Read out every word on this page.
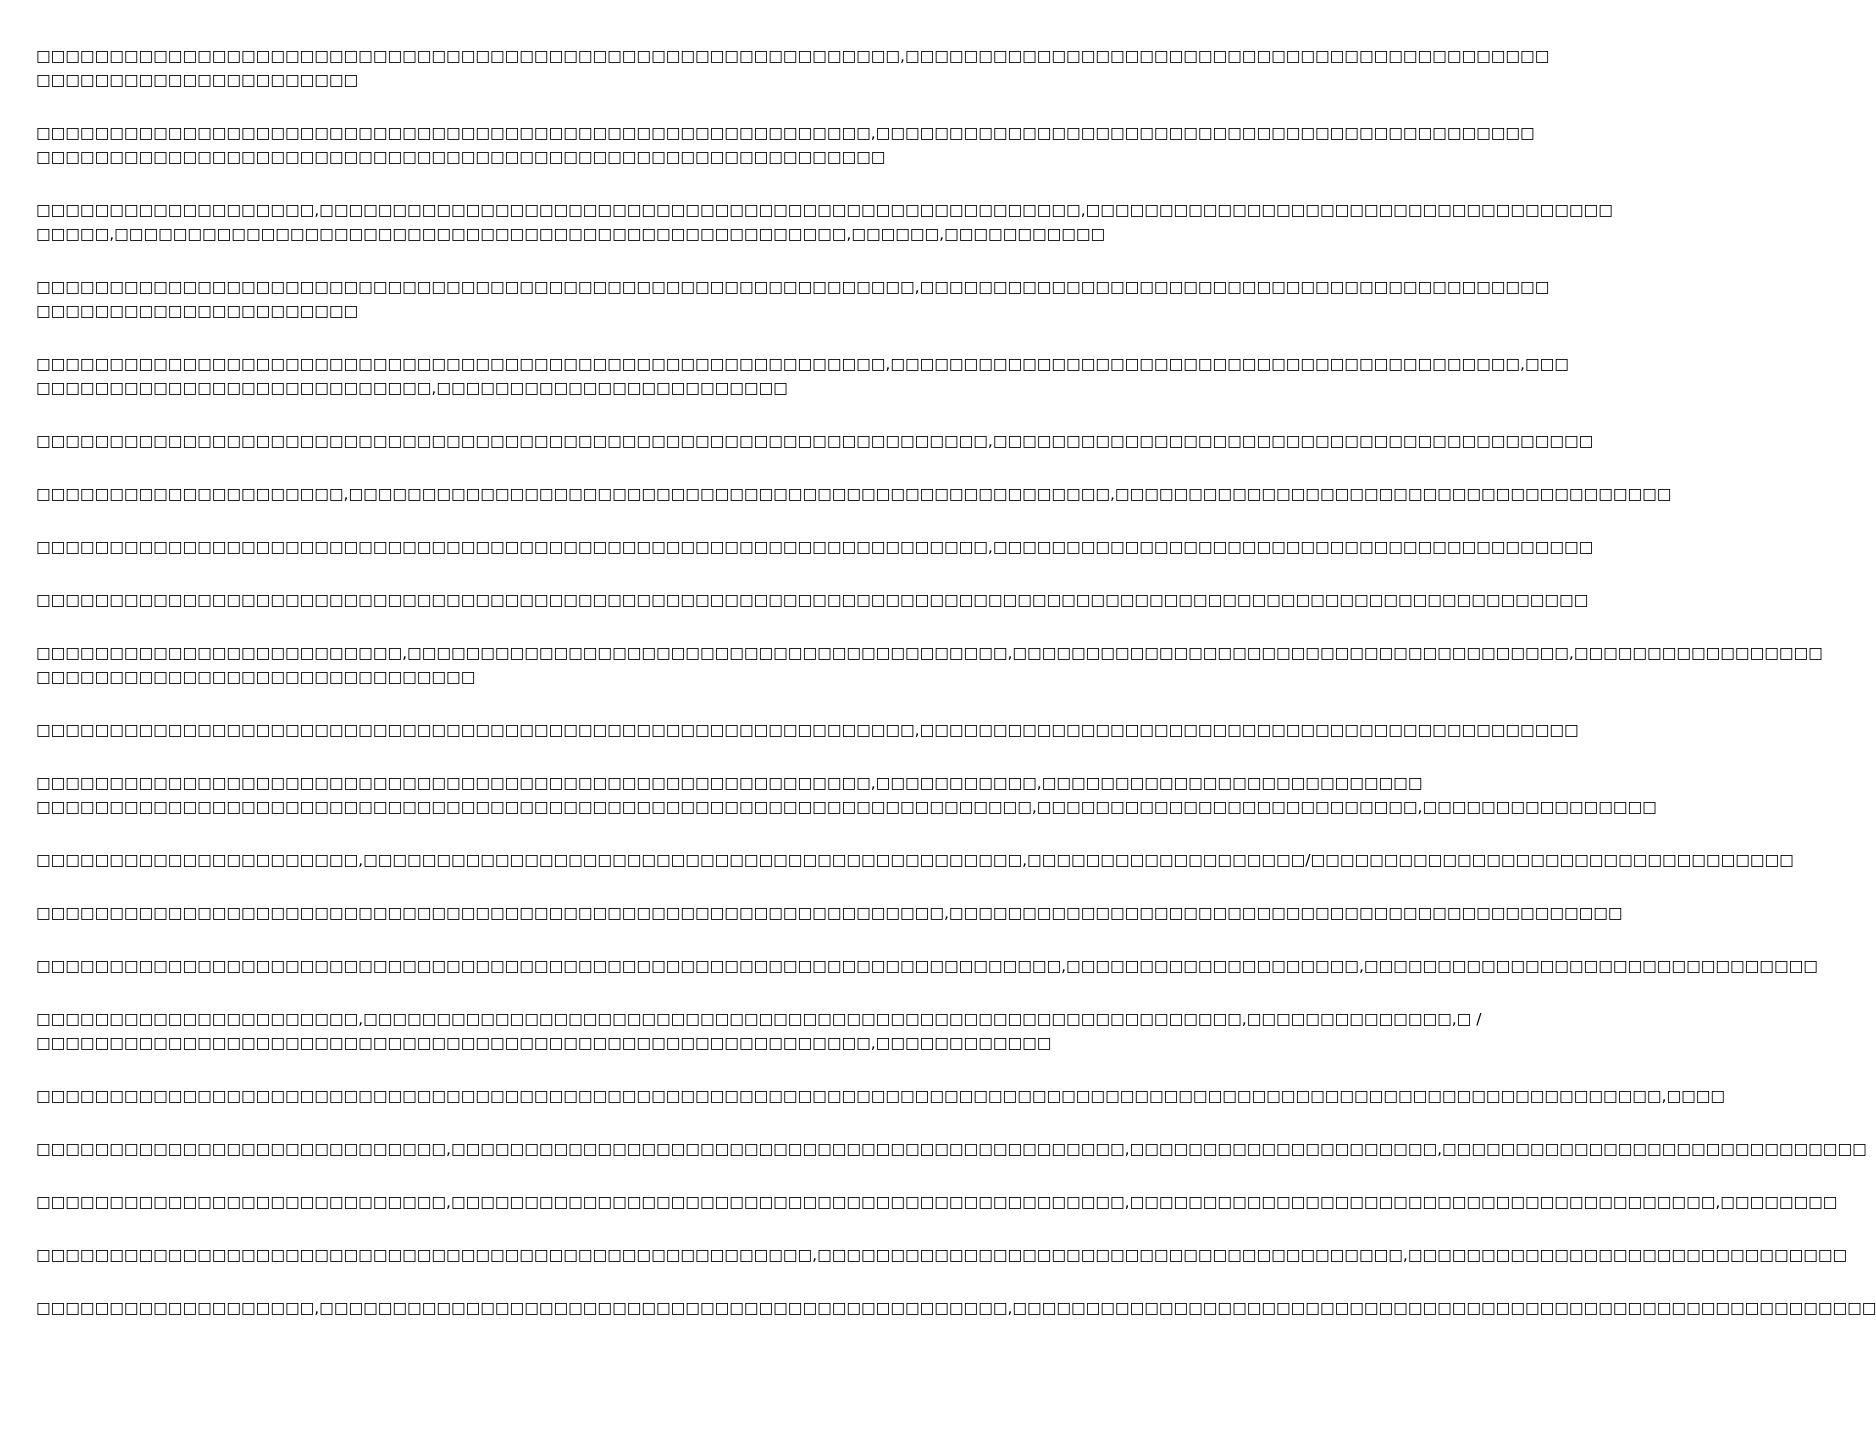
□□□□□□□□□□□□□□□□□□□□□□□□□□□□□□□□□□□□□□□□□□□□□□□□□□□□□□□□□□□,□□□□□□□□□□□□□□□□□□□□□□□□□□□□□□□□□□□□□□□□□□□□
□□□□□□□□□□□□□□□□□□□□□□
□□□□□□□□□□□□□□□□□□□□□□□□□□□□□□□□□□□□□□□□□□□□□□□□□□□□□□□□□,□□□□□□□□□□□□□□□□□□□□□□□□□□□□□□□□□□□□□□□□□□□□□
□□□□□□□□□□□□□□□□□□□□□□□□□□□□□□□□□□□□□□□□□□□□□□□□□□□□□□□□□□
□□□□□□□□□□□□□□□□□□□,□□□□□□□□□□□□□□□□□□□□□□□□□□□□□□□□□□□□□□□□□□□□□□□□□□□□,□□□□□□□□□□□□□□□□□□□□□□□□□□□□□□□□□□□□
□□□□□,□□□□□□□□□□□□□□□□□□□□□□□□□□□□□□□□□□□□□□□□□□□□□□□□□□,□□□□□□,□□□□□□□□□□□
□□□□□□□□□□□□□□□□□□□□□□□□□□□□□□□□□□□□□□□□□□□□□□□□□□□□□□□□□□□□,□□□□□□□□□□□□□□□□□□□□□□□□□□□□□□□□□□□□□□□□□□□
□□□□□□□□□□□□□□□□□□□□□□
□□□□□□□□□□□□□□□□□□□□□□□□□□□□□□□□□□□□□□□□□□□□□□□□□□□□□□□□□□,□□□□□□□□□□□□□□□□□□□□□□□□□□□□□□□□□□□□□□□□□□□,□□□
□□□□□□□□□□□□□□□□□□□□□□□□□□□,□□□□□□□□□□□□□□□□□□□□□□□□
□□□□□□□□□□□□□□□□□□□□□□□□□□□□□□□□□□□□□□□□□□□□□□□□□□□□□□□□□□□□□□□□□,□□□□□□□□□□□□□□□□□□□□□□□□□□□□□□□□□□□□□□□□□
□□□□□□□□□□□□□□□□□□□□□,□□□□□□□□□□□□□□□□□□□□□□□□□□□□□□□□□□□□□□□□□□□□□□□□□□□□,□□□□□□□□□□□□□□□□□□□□□□□□□□□□□□□□□□□□□□
□□□□□□□□□□□□□□□□□□□□□□□□□□□□□□□□□□□□□□□□□□□□□□□□□□□□□□□□□□□□□□□□□,□□□□□□□□□□□□□□□□□□□□□□□□□□□□□□□□□□□□□□□□□
□□□□□□□□□□□□□□□□□□□□□□□□□□□□□□□□□□□□□□□□□□□□□□□□□□□□□□□□□□□□□□□□□□□□□□□□□□□□□□□□□□□□□□□□□□□□□□□□□□□□□□□□□□
□□□□□□□□□□□□□□□□□□□□□□□□□,□□□□□□□□□□□□□□□□□□□□□□□□□□□□□□□□□□□□□□□□□,□□□□□□□□□□□□□□□□□□□□□□□□□□□□□□□□□□□□□□,□□□□□□□□□□□□□□□□□
□□□□□□□□□□□□□□□□□□□□□□□□□□□□□□
□□□□□□□□□□□□□□□□□□□□□□□□□□□□□□□□□□□□□□□□□□□□□□□□□□□□□□□□□□□□,□□□□□□□□□□□□□□□□□□□□□□□□□□□□□□□□□□□□□□□□□□□□□
□□□□□□□□□□□□□□□□□□□□□□□□□□□□□□□□□□□□□□□□□□□□□□□□□□□□□□□□□,□□□□□□□□□□□,□□□□□□□□□□□□□□□□□□□□□□□□□□
□□□□□□□□□□□□□□□□□□□□□□□□□□□□□□□□□□□□□□□□□□□□□□□□□□□□□□□□□□□□□□□□□□□□,□□□□□□□□□□□□□□□□□□□□□□□□□□,□□□□□□□□□□□□□□□□
□□□□□□□□□□□□□□□□□□□□□□,□□□□□□□□□□□□□□□□□□□□□□□□□□□□□□□□□□□□□□□□□□□□□,□□□□□□□□□□□□□□□□□□□/□□□□□□□□□□□□□□□□□□□□□□□□□□□□□□□□□
□□□□□□□□□□□□□□□□□□□□□□□□□□□□□□□□□□□□□□□□□□□□□□□□□□□□□□□□□□□□□□,□□□□□□□□□□□□□□□□□□□□□□□□□□□□□□□□□□□□□□□□□□□□□□
□□□□□□□□□□□□□□□□□□□□□□□□□□□□□□□□□□□□□□□□□□□□□□□□□□□□□□□□□□□□□□□□□□□□□□,□□□□□□□□□□□□□□□□□□□□,□□□□□□□□□□□□□□□□□□□□□□□□□□□□□□□
□□□□□□□□□□□□□□□□□□□□□□,□□□□□□□□□□□□□□□□□□□□□□□□□□□□□□□□□□□□□□□□□□□□□□□□□□□□□□□□□□□□,□□□□□□□□□□□□□□,□ /
□□□□□□□□□□□□□□□□□□□□□□□□□□□□□□□□□□□□□□□□□□□□□□□□□□□□□□□□□,□□□□□□□□□□□□
□□□□□□□□□□□□□□□□□□□□□□□□□□□□□□□□□□□□□□□□□□□□□□□□□□□□□□□□□□□□□□□□□□□□□□□□□□□□□□□□□□□□□□□□□□□□□□□□□□□□□□□□□□□□□□□,□□□□
□□□□□□□□□□□□□□□□□□□□□□□□□□□□,□□□□□□□□□□□□□□□□□□□□□□□□□□□□□□□□□□□□□□□□□□□□□□,□□□□□□□□□□□□□□□□□□□□□,□□□□□□□□□□□□□□□□□□□□□□□□□□□□□
□□□□□□□□□□□□□□□□□□□□□□□□□□□□,□□□□□□□□□□□□□□□□□□□□□□□□□□□□□□□□□□□□□□□□□□□□□□,□□□□□□□□□□□□□□□□□□□□□□□□□□□□□□□□□□□□□□□□,□□□□□□□□
□□□□□□□□□□□□□□□□□□□□□□□□□□□□□□□□□□□□□□□□□□□□□□□□□□□□□,□□□□□□□□□□□□□□□□□□□□□□□□□□□□□□□□□□□□□□□□,□□□□□□□□□□□□□□□□□□□□□□□□□□□□□□
□□□□□□□□□□□□□□□□□□□,□□□□□□□□□□□□□□□□□□□□□□□□□□□□□□□□□□□□□□□□□□□□□□□,□□□□□□□□□□□□□□□□□□□□□□□□□□□□□□□□□□□□□□□□□□□□□□□□□□□□□□□□□□□
